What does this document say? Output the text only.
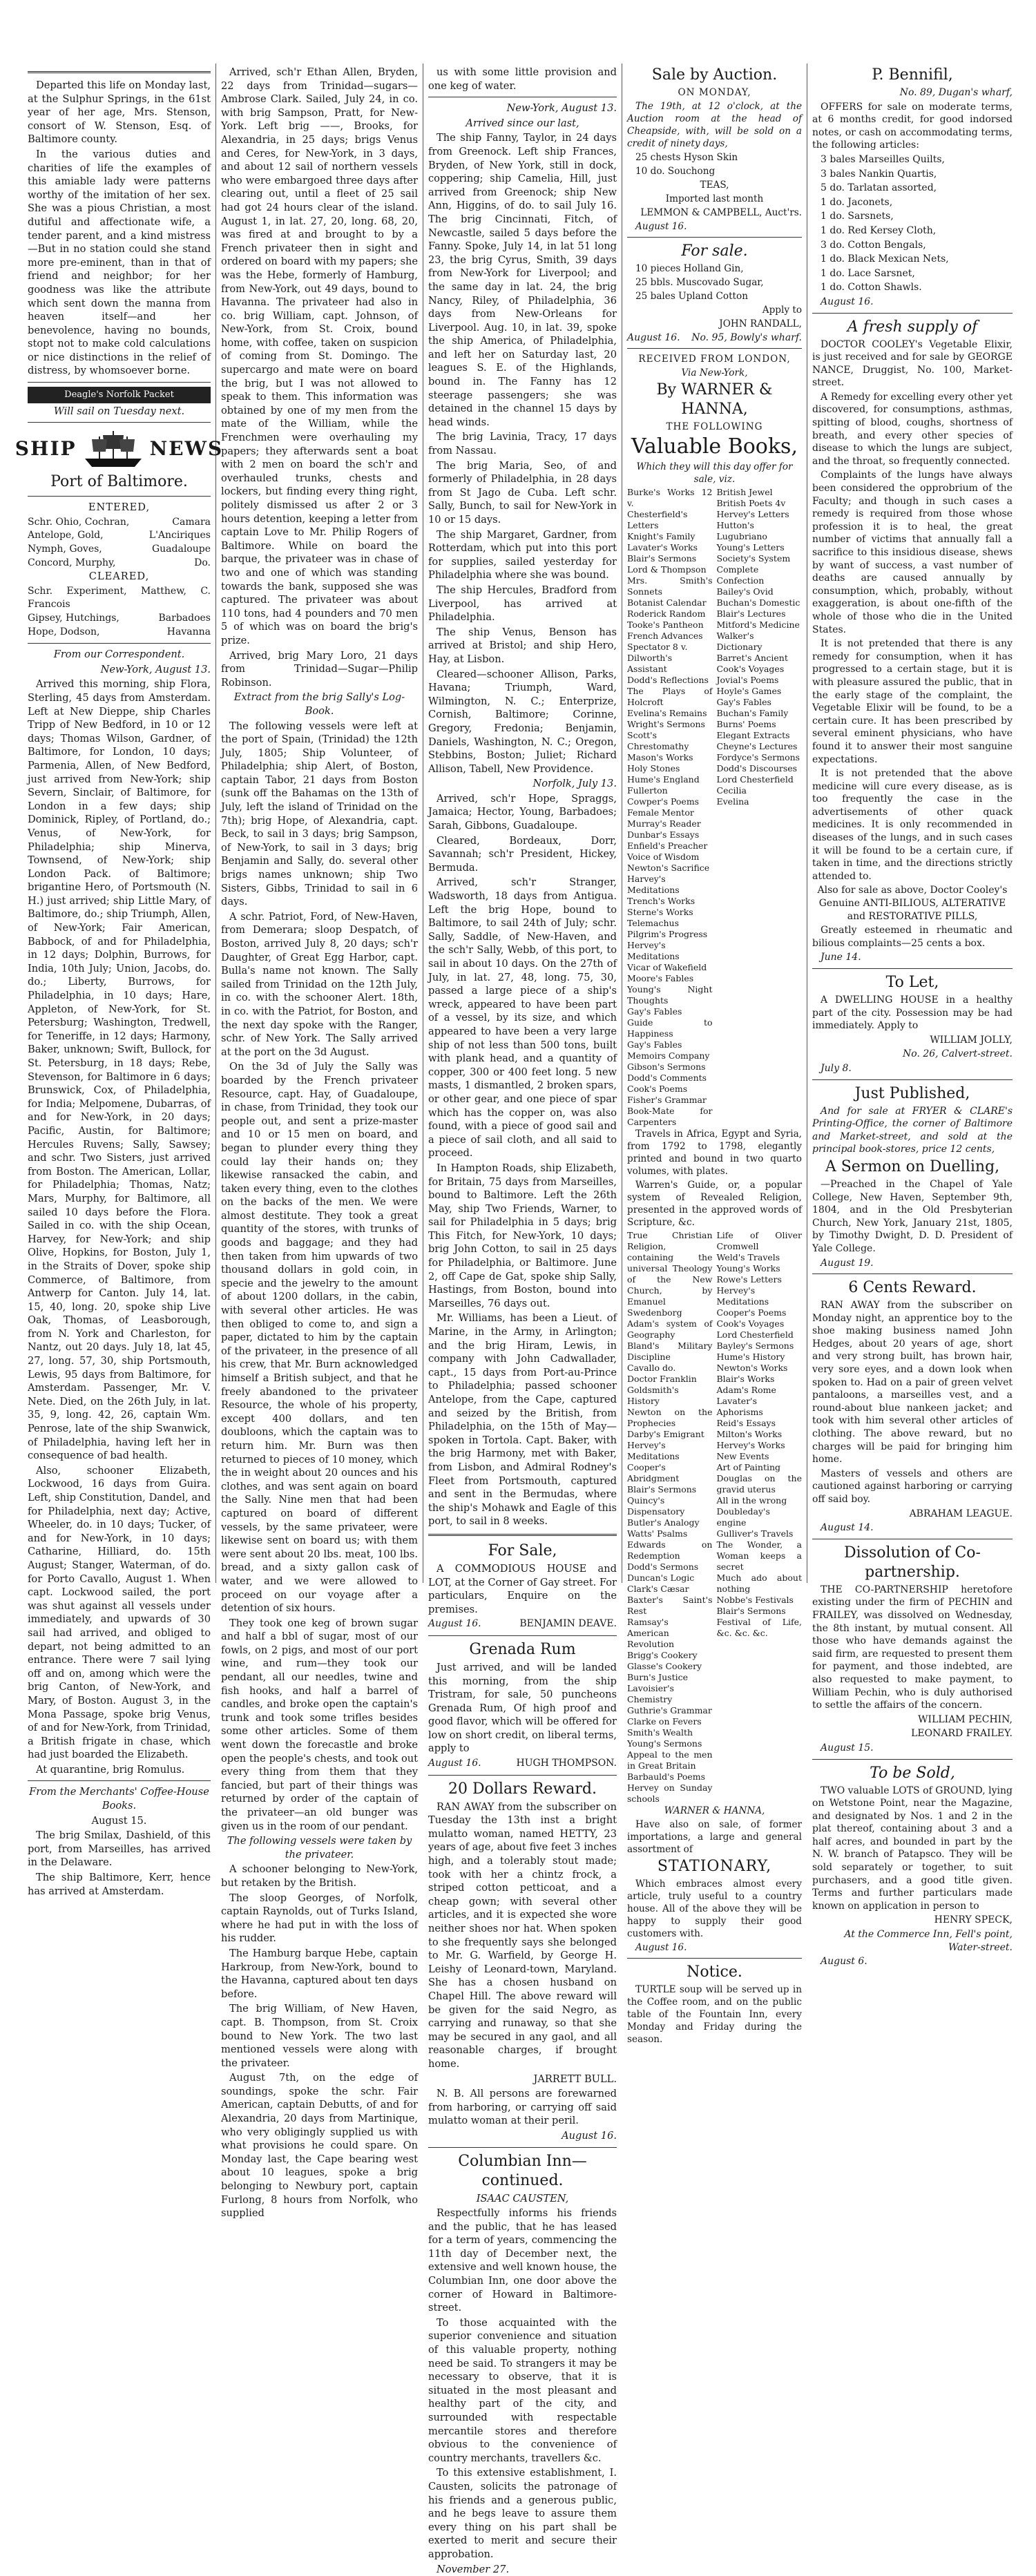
Departed this life on Monday last, at the Sulphur Springs, in the 61st year of her age, Mrs. Stenson, consort of W. Stenson, Esq. of Baltimore county.

In the various duties and charities of life the examples of this amiable lady were patterns worthy of the imitation of her sex. She was a pious Christian, a most dutiful and affectionate wife, a tender parent, and a kind mistress—But in no station could she stand more pre-eminent, than in that of friend and neighbor; for her goodness was like the attribute which sent down the manna from heaven itself—and her benevolence, having no bounds, stopt not to make cold calculations or nice distinctions in the relief of distress, by whomsoever borne.

Deagle's Norfolk Packet

Will sail on Tuesday next.

SHIP	NEWS

Port of Baltimore.

ENTERED,

Schr. Ohio, Cochran,	Camara
Antelope, Gold,	L'Anciriques
Nymph, Goves,	Guadaloupe
Concord, Murphy,	Do.

CLEARED,

Schr. Experiment, Matthew, C. Francois
Gipsey, Hutchings,	Barbadoes
Hope, Dodson,	Havanna

From our Correspondent.

New-York, August 13.

Arrived this morning, ship Flora, Sterling, 45 days from Amsterdam. Left at New Dieppe, ship Charles Tripp of New Bedford, in 10 or 12 days; Thomas Wilson, Gardner, of Baltimore, for London, 10 days; Parmenia, Allen, of New Bedford, just arrived from New-York; ship Severn, Sinclair, of Baltimore, for London in a few days; ship Dominick, Ripley, of Portland, do.; Venus, of New-York, for Philadelphia; ship Minerva, Townsend, of New-York; ship London Pack. of Baltimore; brigantine Hero, of Portsmouth (N. H.) just arrived; ship Little Mary, of Baltimore, do.; ship Triumph, Allen, of New-York; Fair American, Babbock, of and for Philadelphia, in 12 days; Dolphin, Burrows, for India, 10th July; Union, Jacobs, do. do.; Liberty, Burrows, for Philadelphia, in 10 days; Hare, Appleton, of New-York, for St. Petersburg; Washington, Tredwell, for Teneriffe, in 12 days; Harmony, Baker, unknown; Swift, Bullock, for St. Petersburg, in 18 days; Rebe, Stevenson, for Baltimore in 6 days; Brunswick, Cox, of Philadelphia, for India; Melpomene, Dubarras, of and for New-York, in 20 days; Pacific, Austin, for Baltimore; Hercules Ruvens; Sally, Sawsey; and schr. Two Sisters, just arrived from Boston. The American, Lollar, for Philadelphia; Thomas, Natz; Mars, Murphy, for Baltimore, all sailed 10 days before the Flora. Sailed in co. with the ship Ocean, Harvey, for New-York; and ship Olive, Hopkins, for Boston, July 1, in the Straits of Dover, spoke ship Commerce, of Baltimore, from Antwerp for Canton. July 14, lat. 15, 40, long. 20, spoke ship Live Oak, Thomas, of Leasborough, from N. York and Charleston, for Nantz, out 20 days. July 18, lat 45, 27, long. 57, 30, ship Portsmouth, Lewis, 95 days from Baltimore, for Amsterdam. Passenger, Mr. V. Nete. Died, on the 26th July, in lat. 35, 9, long. 42, 26, captain Wm. Penrose, late of the ship Swanwick, of Philadelphia, having left her in consequence of bad health.

Also, schooner Elizabeth, Lockwood, 16 days from Guira. Left, ship Constitution, Dandel, and for Philadelphia, next day; Active, Wheeler, do. in 10 days; Tucker, of and for New-York, in 10 days; Catharine, Hilliard, do. 15th August; Stanger, Waterman, of do. for Porto Cavallo, August 1. When capt. Lockwood sailed, the port was shut against all vessels under immediately, and upwards of 30 sail had arrived, and obliged to depart, not being admitted to an entrance. There were 7 sail lying off and on, among which were the brig Canton, of New-York, and Mary, of Boston. August 3, in the Mona Passage, spoke brig Venus, of and for New-York, from Trinidad, a British frigate in chase, which had just boarded the Elizabeth.

At quarantine, brig Romulus.

From the Merchants' Coffee-House Books.

August 15.

The brig Smilax, Dashield, of this port, from Marseilles, has arrived in the Delaware.

The ship Baltimore, Kerr, hence has arrived at Amsterdam.

Arrived, sch'r Ethan Allen, Bryden, 22 days from Trinidad—sugars—Ambrose Clark. Sailed, July 24, in co. with brig Sampson, Pratt, for New-York. Left brig ——, Brooks, for Alexandria, in 25 days; brigs Venus and Ceres, for New-York, in 3 days, and about 12 sail of northern vessels who were embargoed three days after clearing out, until a fleet of 25 sail had got 24 hours clear of the island. August 1, in lat. 27, 20, long. 68, 20, was fired at and brought to by a French privateer then in sight and ordered on board with my papers; she was the Hebe, formerly of Hamburg, from New-York, out 49 days, bound to Havanna. The privateer had also in co. brig William, capt. Johnson, of New-York, from St. Croix, bound home, with coffee, taken on suspicion of coming from St. Domingo. The supercargo and mate were on board the brig, but I was not allowed to speak to them. This information was obtained by one of my men from the mate of the William, while the Frenchmen were overhauling my papers; they afterwards sent a boat with 2 men on board the sch'r and overhauled trunks, chests and lockers, but finding every thing right, politely dismissed us after 2 or 3 hours detention, keeping a letter from captain Love to Mr. Philip Rogers of Baltimore. While on board the barque, the privateer was in chase of two and one of which was standing towards the bank, supposed she was captured. The privateer was about 110 tons, had 4 pounders and 70 men 5 of which was on board the brig's prize.

Arrived, brig Mary Loro, 21 days from Trinidad—Sugar—Philip Robinson.

Extract from the brig Sally's Log-Book.

The following vessels were left at the port of Spain, (Trinidad) the 12th July, 1805; Ship Volunteer, of Philadelphia; ship Alert, of Boston, captain Tabor, 21 days from Boston (sunk off the Bahamas on the 13th of July, left the island of Trinidad on the 7th); brig Hope, of Alexandria, capt. Beck, to sail in 3 days; brig Sampson, of New-York, to sail in 3 days; brig Benjamin and Sally, do. several other brigs names unknown; ship Two Sisters, Gibbs, Trinidad to sail in 6 days.

A schr. Patriot, Ford, of New-Haven, from Demerara; sloop Despatch, of Boston, arrived July 8, 20 days; sch'r Daughter, of Great Egg Harbor, capt. Bulla's name not known. The Sally sailed from Trinidad on the 12th July, in co. with the schooner Alert. 18th, in co. with the Patriot, for Boston, and the next day spoke with the Ranger, schr. of New York. The Sally arrived at the port on the 3d August.

On the 3d of July the Sally was boarded by the French privateer Resource, capt. Hay, of Guadaloupe, in chase, from Trinidad, they took our people out, and sent a prize-master and 10 or 15 men on board, and began to plunder every thing they could lay their hands on; they likewise ransacked the cabin, and taken every thing, even to the clothes on the backs of the men. We were almost destitute. They took a great quantity of the stores, with trunks of goods and baggage; and they had then taken from him upwards of two thousand dollars in gold coin, in specie and the jewelry to the amount of about 1200 dollars, in the cabin, with several other articles. He was then obliged to come to, and sign a paper, dictated to him by the captain of the privateer, in the presence of all his crew, that Mr. Burn acknowledged himself a British subject, and that he freely abandoned to the privateer Resource, the whole of his property, except 400 dollars, and ten doubloons, which the captain was to return him. Mr. Burn was then returned to pieces of 10 money, which the in weight about 20 ounces and his clothes, and was sent again on board the Sally. Nine men that had been captured on board of different vessels, by the same privateer, were likewise sent on board us; with them were sent about 20 lbs. meat, 100 lbs. bread, and a sixty gallon cask of water, and we were allowed to proceed on our voyage after a detention of six hours.

They took one keg of brown sugar and half a bbl of sugar, most of our fowls, on 2 pigs, and most of our port wine, and rum—they took our pendant, all our needles, twine and fish hooks, and half a barrel of candles, and broke open the captain's trunk and took some trifles besides some other articles. Some of them went down the forecastle and broke open the people's chests, and took out every thing from them that they fancied, but part of their things was returned by order of the captain of the privateer—an old bunger was given us in the room of our pendant.

The following vessels were taken by the privateer.

A schooner belonging to New-York, but retaken by the British.

The sloop Georges, of Norfolk, captain Raynolds, out of Turks Island, where he had put in with the loss of his rudder.

The Hamburg barque Hebe, captain Harkroup, from New-York, bound to the Havanna, captured about ten days before.

The brig William, of New Haven, capt. B. Thompson, from St. Croix bound to New York. The two last mentioned vessels were along with the privateer.

August 7th, on the edge of soundings, spoke the schr. Fair American, captain Debutts, of and for Alexandria, 20 days from Martinique, who very obligingly supplied us with what provisions he could spare. On Monday last, the Cape bearing west about 10 leagues, spoke a brig belonging to Newbury port, captain Furlong, 8 hours from Norfolk, who supplied

us with some little provision and one keg of water.

New-York, August 13.

Arrived since our last,

The ship Fanny, Taylor, in 24 days from Greenock. Left ship Frances, Bryden, of New York, still in dock, coppering; ship Camelia, Hill, just arrived from Greenock; ship New Ann, Higgins, of do. to sail July 16. The brig Cincinnati, Fitch, of Newcastle, sailed 5 days before the Fanny. Spoke, July 14, in lat 51 long 23, the brig Cyrus, Smith, 39 days from New-York for Liverpool; and the same day in lat. 24, the brig Nancy, Riley, of Philadelphia, 36 days from New-Orleans for Liverpool. Aug. 10, in lat. 39, spoke the ship America, of Philadelphia, and left her on Saturday last, 20 leagues S. E. of the Highlands, bound in. The Fanny has 12 steerage passengers; she was detained in the channel 15 days by head winds.

The brig Lavinia, Tracy, 17 days from Nassau.

The brig Maria, Seo, of and formerly of Philadelphia, in 28 days from St Jago de Cuba. Left schr. Sally, Bunch, to sail for New-York in 10 or 15 days.

The ship Margaret, Gardner, from Rotterdam, which put into this port for supplies, sailed yesterday for Philadelphia where she was bound.

The ship Hercules, Bradford from Liverpool, has arrived at Philadelphia.

The ship Venus, Benson has arrived at Bristol; and ship Hero, Hay, at Lisbon.

Cleared—schooner Allison, Parks, Havana; Triumph, Ward, Wilmington, N. C.; Enterprize, Cornish, Baltimore; Corinne, Gregory, Fredonia; Benjamin, Daniels, Washington, N. C.; Oregon, Stebbins, Boston; Juliet; Richard Allison, Tabell, New Providence.

Norfolk, July 13.

Arrived, sch'r Hope, Spraggs, Jamaica; Hector, Young, Barbadoes; Sarah, Gibbons, Guadaloupe.

Cleared, Bordeaux, Dorr, Savannah; sch'r President, Hickey, Bermuda.

Arrived, sch'r Stranger, Wadsworth, 18 days from Antigua. Left the brig Hope, bound to Baltimore, to sail 24th of July; schr. Sally, Saddle, of New-Haven, and the sch'r Sally, Webb, of this port, to sail in about 10 days. On the 27th of July, in lat. 27, 48, long. 75, 30, passed a large piece of a ship's wreck, appeared to have been part of a vessel, by its size, and which appeared to have been a very large ship of not less than 500 tons, built with plank head, and a quantity of copper, 300 or 400 feet long. 5 new masts, 1 dismantled, 2 broken spars, or other gear, and one piece of spar which has the copper on, was also found, with a piece of good sail and a piece of sail cloth, and all said to proceed.

In Hampton Roads, ship Elizabeth, for Britain, 75 days from Marseilles, bound to Baltimore. Left the 26th May, ship Two Friends, Warner, to sail for Philadelphia in 5 days; brig This Fitch, for New-York, 10 days; brig John Cotton, to sail in 25 days for Philadelphia, or Baltimore. June 2, off Cape de Gat, spoke ship Sally, Hastings, from Boston, bound into Marseilles, 76 days out.

Mr. Williams, has been a Lieut. of Marine, in the Army, in Arlington; and the brig Hiram, Lewis, in company with John Cadwallader, capt., 15 days from Port-au-Prince to Philadelphia; passed schooner Antelope, from the Cape, captured and seized by the British, from Philadelphia, on the 15th of May—spoken in Tortola. Capt. Baker, with the brig Harmony, met with Baker, from Lisbon, and Admiral Rodney's Fleet from Portsmouth, captured and sent in the Bermudas, where the ship's Mohawk and Eagle of this port, to sail in 8 weeks.

For Sale,

A COMMODIOUS HOUSE and LOT, at the Corner of Gay street. For particulars, Enquire on the premises.

August 16.	BENJAMIN DEAVE.

Grenada Rum

Just arrived, and will be landed this morning, from the ship Tristram, for sale, 50 puncheons Grenada Rum, Of high proof and good flavor, which will be offered for low on short credit, on liberal terms, apply to

August 16.	HUGH THOMPSON.

20 Dollars Reward.

RAN AWAY from the subscriber on Tuesday the 13th inst a bright mulatto woman, named HETTY, 23 years of age, about five feet 3 inches high, and a tolerably stout made; took with her a chintz frock, a striped cotton petticoat, and a cheap gown; with several other articles, and it is expected she wore neither shoes nor hat. When spoken to she frequently says she belonged to Mr. G. Warfield, by George H. Leishy of Leonard-town, Maryland. She has a chosen husband on Chapel Hill. The above reward will be given for the said Negro, as carrying and runaway, so that she may be secured in any gaol, and all reasonable charges, if brought home.

JARRETT BULL.

N. B. All persons are forewarned from harboring, or carrying off said mulatto woman at their peril.

August 16.

Columbian Inn—continued.

ISAAC CAUSTEN,

Respectfully informs his friends and the public, that he has leased for a term of years, commencing the 11th day of December next, the extensive and well known house, the Columbian Inn, one door above the corner of Howard in Baltimore-street.

To those acquainted with the superior convenience and situation of this valuable property, nothing need be said. To strangers it may be necessary to observe, that it is situated in the most pleasant and healthy part of the city, and surrounded with respectable mercantile stores and therefore obvious to the convenience of country merchants, travellers &c.

To this extensive establishment, I. Causten, solicits the patronage of his friends and a generous public, and he begs leave to assure them every thing on his part shall be exerted to merit and secure their approbation.

November 27.

Sale by Auction.

ON MONDAY,

The 19th, at 12 o'clock, at the Auction room at the head of Cheapside, with, will be sold on a credit of ninety days,

25 chests Hyson Skin

10 do. Souchong

TEAS,

Imported last month

LEMMON & CAMPBELL, Auct'rs.

August 16.

For sale.

10 pieces Holland Gin,

25 bbls. Muscovado Sugar,

25 bales Upland Cotton

Apply to

JOHN RANDALL,

August 16. No. 95, Bowly's wharf.

RECEIVED FROM LONDON,

Via New-York,

By WARNER & HANNA,

THE FOLLOWING

Valuable Books,

Which they will this day offer for sale, viz.

Burke's Works 12 v.
Chesterfield's Letters
Knight's Family
Lavater's Works
Blair's Sermons
Lord & Thompson
Mrs. Smith's Sonnets
Botanist Calendar
Roderick Random
Tooke's Pantheon
French Advances
Spectator 8 v.
Dilworth's Assistant
Dodd's Reflections
The Plays of Holcroft
Evelina's Remains
Wright's Sermons
Scott's Chrestomathy
Mason's Works
Holy Stones
Hume's England
Fullerton
Cowper's Poems
Female Mentor
Murray's Reader
Dunbar's Essays
Enfield's Preacher
Voice of Wisdom
Newton's Sacrifice
Harvey's Meditations
Trench's Works
Sterne's Works
Telemachus
Pilgrim's Progress
Hervey's Meditations
Vicar of Wakefield
Moore's Fables
Young's Night Thoughts
Gay's Fables
Guide to Happiness
Gay's Fables
Memoirs Company
Gibson's Sermons
Dodd's Comments
Cook's Poems
Fisher's Grammar
Book-Mate for Carpenters
British Jewel
British Poets 4v
Hervey's Letters
Hutton's Lugubriano
Young's Letters
Society's System
Complete Confection
Bailey's Ovid
Buchan's Domestic
Blair's Lectures
Mitford's Medicine
Walker's Dictionary
Barret's Ancient
Cook's Voyages
Jovial's Poems
Hoyle's Games
Gay's Fables
Buchan's Family
Burns' Poems
Elegant Extracts
Cheyne's Lectures
Fordyce's Sermons
Dodd's Discourses
Lord Chesterfield
Cecilia
Evelina

Travels in Africa, Egypt and Syria, from 1792 to 1798, elegantly printed and bound in two quarto volumes, with plates.

Warren's Guide, or, a popular system of Revealed Religion, presented in the approved words of Scripture, &c.

True Christian Religion, containing the universal Theology of the New Church, by Emanuel Swedenborg
Adam's system of Geography
Bland's Military Discipline
Cavallo do.
Doctor Franklin
Goldsmith's History
Newton on the Prophecies
Darby's Emigrant
Hervey's Meditations
Cooper's Abridgment
Blair's Sermons
Quincy's Dispensatory
Butler's Analogy
Watts' Psalms
Edwards on Redemption
Dodd's Sermons
Duncan's Logic
Clark's Cæsar
Baxter's Saint's Rest
Ramsay's American Revolution
Brigg's Cookery
Glasse's Cookery
Burn's Justice
Lavoisier's Chemistry
Guthrie's Grammar
Clarke on Fevers
Smith's Wealth
Young's Sermons
Appeal to the men in Great Britain
Barbauld's Poems
Hervey on Sunday schools
Life of Oliver Cromwell
Weld's Travels
Young's Works
Rowe's Letters
Hervey's Meditations
Cooper's Poems
Cook's Voyages
Lord Chesterfield
Bayley's Sermons
Hume's History
Newton's Works
Blair's Works
Adam's Rome
Lavater's Aphorisms
Reid's Essays
Milton's Works
Hervey's Works
New Events
Art of Painting
Douglas on the gravid uterus
All in the wrong
Doubleday's engine
Gulliver's Travels
The Wonder, a Woman keeps a secret
Much ado about nothing
Nobbe's Festivals
Blair's Sermons
Festival of Life, &c. &c. &c.

WARNER & HANNA,

Have also on sale, of former importations, a large and general assortment of

STATIONARY,

Which embraces almost every article, truly useful to a country house. All of the above they will be happy to supply their good customers with.

August 16.

Notice.

TURTLE soup will be served up in the Coffee room, and on the public table of the Fountain Inn, every Monday and Friday during the season.

P. Bennifil,

No. 89, Dugan's wharf,

OFFERS for sale on moderate terms, at 6 months credit, for good indorsed notes, or cash on accommodating terms, the following articles:

3 bales Marseilles Quilts,

3 bales Nankin Quartis,

5 do. Tarlatan assorted,

1 do. Jaconets,

1 do. Sarsnets,

1 do. Red Kersey Cloth,

3 do. Cotton Bengals,

1 do. Black Mexican Nets,

1 do. Lace Sarsnet,

1 do. Cotton Shawls.

August 16.

A fresh supply of

DOCTOR COOLEY's Vegetable Elixir, is just received and for sale by GEORGE NANCE, Druggist, No. 100, Market-street.

A Remedy for excelling every other yet discovered, for consumptions, asthmas, spitting of blood, coughs, shortness of breath, and every other species of disease to which the lungs are subject, and the throat, so frequently connected.

Complaints of the lungs have always been considered the opprobrium of the Faculty; and though in such cases a remedy is required from those whose profession it is to heal, the great number of victims that annually fall a sacrifice to this insidious disease, shews by want of success, a vast number of deaths are caused annually by consumption, which, probably, without exaggeration, is about one-fifth of the whole of those who die in the United States.

It is not pretended that there is any remedy for consumption, when it has progressed to a certain stage, but it is with pleasure assured the public, that in the early stage of the complaint, the Vegetable Elixir will be found, to be a certain cure. It has been prescribed by several eminent physicians, who have found it to answer their most sanguine expectations.

It is not pretended that the above medicine will cure every disease, as is too frequently the case in the advertisements of other quack medicines. It is only recommended in diseases of the lungs, and in such cases it will be found to be a certain cure, if taken in time, and the directions strictly attended to.

Also for sale as above, Doctor Cooley's Genuine ANTI-BILIOUS, ALTERATIVE and RESTORATIVE PILLS,

Greatly esteemed in rheumatic and bilious complaints—25 cents a box.

June 14.

To Let,

A DWELLING HOUSE in a healthy part of the city. Possession may be had immediately. Apply to

WILLIAM JOLLY,

No. 26, Calvert-street.

July 8.

Just Published,

And for sale at FRYER & CLARE's Printing-Office, the corner of Baltimore and Market-street, and sold at the principal book-stores, price 12 cents,

A Sermon on Duelling,

—Preached in the Chapel of Yale College, New Haven, September 9th, 1804, and in the Old Presbyterian Church, New York, January 21st, 1805, by Timothy Dwight, D. D. President of Yale College.

August 19.

6 Cents Reward.

RAN AWAY from the subscriber on Monday night, an apprentice boy to the shoe making business named John Hedges, about 20 years of age, short and very strong built, has brown hair, very sore eyes, and a down look when spoken to. Had on a pair of green velvet pantaloons, a marseilles vest, and a round-about blue nankeen jacket; and took with him several other articles of clothing. The above reward, but no charges will be paid for bringing him home.

Masters of vessels and others are cautioned against harboring or carrying off said boy.

ABRAHAM LEAGUE.

August 14.

Dissolution of Co-partnership.

THE CO-PARTNERSHIP heretofore existing under the firm of PECHIN and FRAILEY, was dissolved on Wednesday, the 8th instant, by mutual consent. All those who have demands against the said firm, are requested to present them for payment, and those indebted, are also requested to make payment, to William Pechin, who is duly authorised to settle the affairs of the concern.

WILLIAM PECHIN,

LEONARD FRAILEY.

August 15.

To be Sold,

TWO valuable LOTS of GROUND, lying on Wetstone Point, near the Magazine, and designated by Nos. 1 and 2 in the plat thereof, containing about 3 and a half acres, and bounded in part by the N. W. branch of Patapsco. They will be sold separately or together, to suit purchasers, and a good title given. Terms and further particulars made known on application in person to

HENRY SPECK,

At the Commerce Inn, Fell's point, Water-street.

August 6.
